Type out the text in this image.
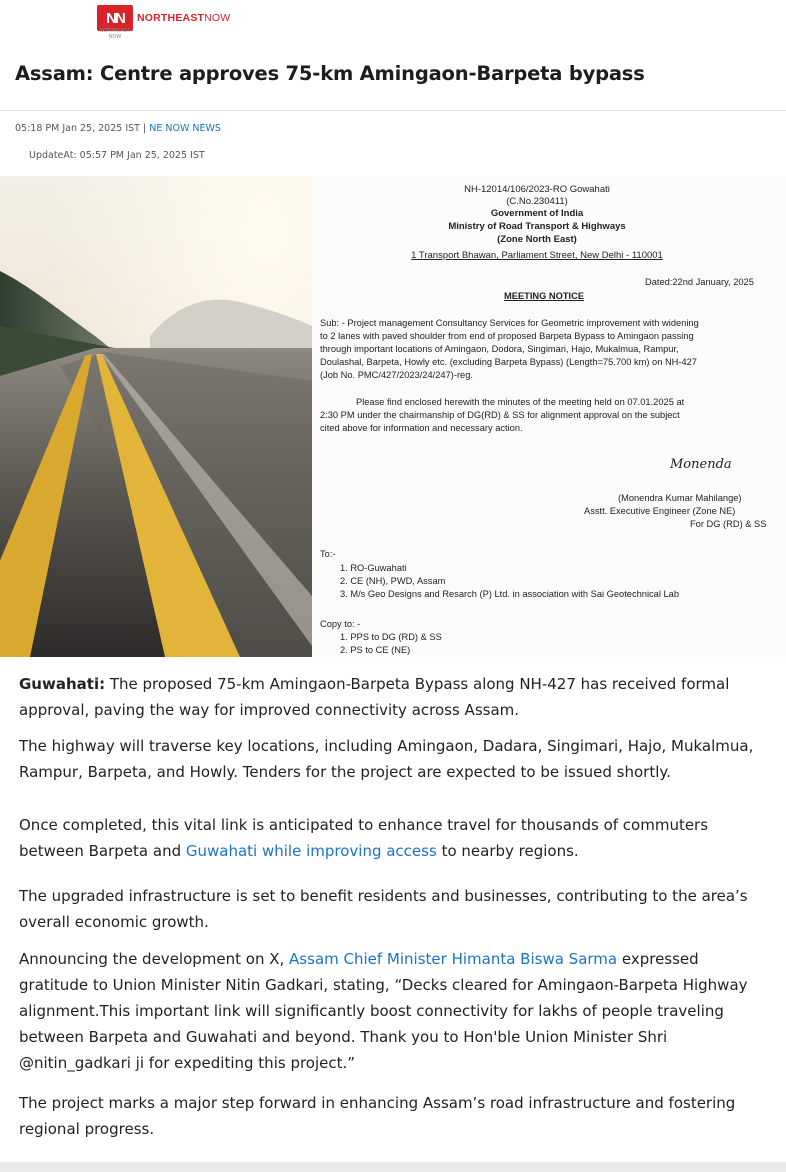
NN
NORTHEAST NOW
NORTHEASTNOW
Assam: Centre approves 75-km Amingaon-Barpeta bypass
05:18 PM Jan 25, 2025 IST | NE NOW NEWS
UpdateAt: 05:57 PM Jan 25, 2025 IST
NH-12014/106/2023-RO Gowahati
(C.No.230411)
Government of India
Ministry of Road Transport & Highways
(Zone North East)
1 Transport Bhawan, Parliament Street, New Delhi - 110001
Dated:22nd January, 2025
MEETING NOTICE
Sub: - Project management Consultancy Services for Geometric improvement with widening
to 2 lanes with paved shoulder from end of proposed Barpeta Bypass to Amingaon passing
through important locations of Amingaon, Dodora, Singimari, Hajo, Mukalmua, Rampur,
Doulashal, Barpeta, Howly etc. (excluding Barpeta Bypass) (Length=75.700 km) on NH-427
(Job No. PMC/427/2023/24/247)-reg.
Please find enclosed herewith the minutes of the meeting held on 07.01.2025 at
2:30 PM under the chairmanship of DG(RD) & SS for alignment approval on the subject
cited above for information and necessary action.
Monenda
(Monendra Kumar Mahilange)
Asstt. Executive Engineer (Zone NE)
For DG (RD) & SS
To:-
1. RO-Guwahati
2. CE (NH), PWD, Assam
3. M/s Geo Designs and Resarch (P) Ltd. in association with Sai Geotechnical Lab
Copy to: -
1. PPS to DG (RD) & SS
2. PS to CE (NE)

Guwahati: The proposed 75-km Amingaon-Barpeta Bypass along NH-427 has received formal approval, paving the way for improved connectivity across Assam.

The highway will traverse key locations, including Amingaon, Dadara, Singimari, Hajo, Mukalmua, Rampur, Barpeta, and Howly. Tenders for the project are expected to be issued shortly.

Once completed, this vital link is anticipated to enhance travel for thousands of commuters between Barpeta and Guwahati while improving access to nearby regions.

The upgraded infrastructure is set to benefit residents and businesses, contributing to the area’s overall economic growth.

Announcing the development on X, Assam Chief Minister Himanta Biswa Sarma expressed gratitude to Union Minister Nitin Gadkari, stating, “Decks cleared for Amingaon-Barpeta Highway alignment.This important link will significantly boost connectivity for lakhs of people traveling between Barpeta and Guwahati and beyond. Thank you to Hon'ble Union Minister Shri @nitin_gadkari ji for expediting this project.”

The project marks a major step forward in enhancing Assam’s road infrastructure and fostering regional progress.
